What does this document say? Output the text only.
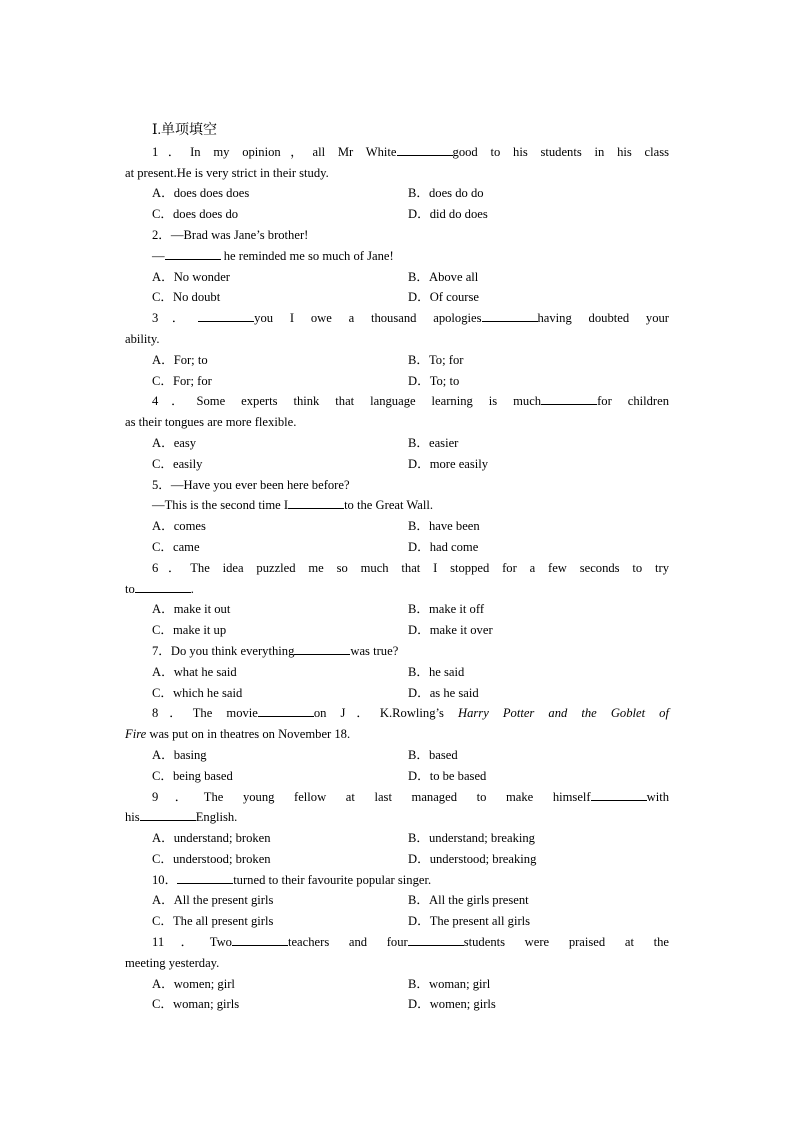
Ⅰ.单项填空
1．In my opinion，all Mr White	good to his students in his class
at present.He is very strict in their study.
A．does does does	B．does do do
C．does does do	D．did do does
2．—Brad was Jane’s brother!
—	he reminded me so much of Jane!
A．No wonder	B．Above all
C．No doubt	D．Of course
3．	you I owe a thousand apologies	having doubted your
ability.
A．For; to	B．To; for
C．For; for	D．To; to
4．Some experts think that language learning is much	for children
as their tongues are more flexible.
A．easy	B．easier
C．easily	D．more easily
5．—Have you ever been here before?
—This is the second time I	to the Great Wall.
A．comes	B．have been
C．came	D．had come
6．The idea puzzled me so much that I stopped for a few seconds to try
to	.
A．make it out	B．make it off
C．make it up	D．make it over
7．Do you think everything	was true?
A．what he said	B．he said
C．which he said	D．as he said
8．The movie	on J．K.Rowling’s Harry Potter and the Goblet of
Fire was put on in theatres on November 18.
A．basing	B．based
C．being based	D．to be based
9．The young fellow at last managed to make himself	with
his	English.
A．understand; broken	B．understand; breaking
C．understood; broken	D．understood; breaking
10．	turned to their favourite popular singer.
A．All the present girls	B．All the girls present
C．The all present girls	D．The present all girls
11．Two	teachers and four	students were praised at the
meeting yesterday.
A．women; girl	B．woman; girl
C．woman; girls	D．women; girls
